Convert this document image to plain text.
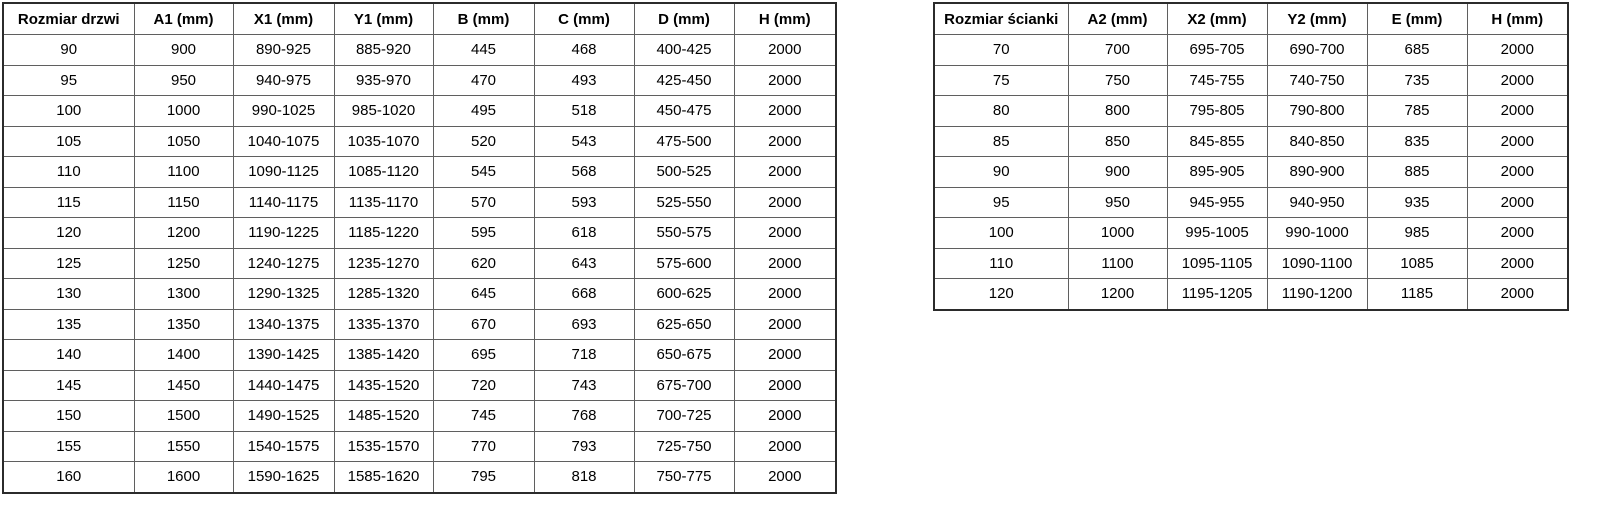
Rozmiar drzwi	A1 (mm)	X1 (mm)	Y1 (mm)	B (mm)	C (mm)	D (mm)	H (mm)
90	900	890-925	885-920	445	468	400-425	2000
95	950	940-975	935-970	470	493	425-450	2000
100	1000	990-1025	985-1020	495	518	450-475	2000
105	1050	1040-1075	1035-1070	520	543	475-500	2000
110	1100	1090-1125	1085-1120	545	568	500-525	2000
115	1150	1140-1175	1135-1170	570	593	525-550	2000
120	1200	1190-1225	1185-1220	595	618	550-575	2000
125	1250	1240-1275	1235-1270	620	643	575-600	2000
130	1300	1290-1325	1285-1320	645	668	600-625	2000
135	1350	1340-1375	1335-1370	670	693	625-650	2000
140	1400	1390-1425	1385-1420	695	718	650-675	2000
145	1450	1440-1475	1435-1520	720	743	675-700	2000
150	1500	1490-1525	1485-1520	745	768	700-725	2000
155	1550	1540-1575	1535-1570	770	793	725-750	2000
160	1600	1590-1625	1585-1620	795	818	750-775	2000
Rozmiar ścianki	A2 (mm)	X2 (mm)	Y2 (mm)	E (mm)	H (mm)
70	700	695-705	690-700	685	2000
75	750	745-755	740-750	735	2000
80	800	795-805	790-800	785	2000
85	850	845-855	840-850	835	2000
90	900	895-905	890-900	885	2000
95	950	945-955	940-950	935	2000
100	1000	995-1005	990-1000	985	2000
110	1100	1095-1105	1090-1100	1085	2000
120	1200	1195-1205	1190-1200	1185	2000
